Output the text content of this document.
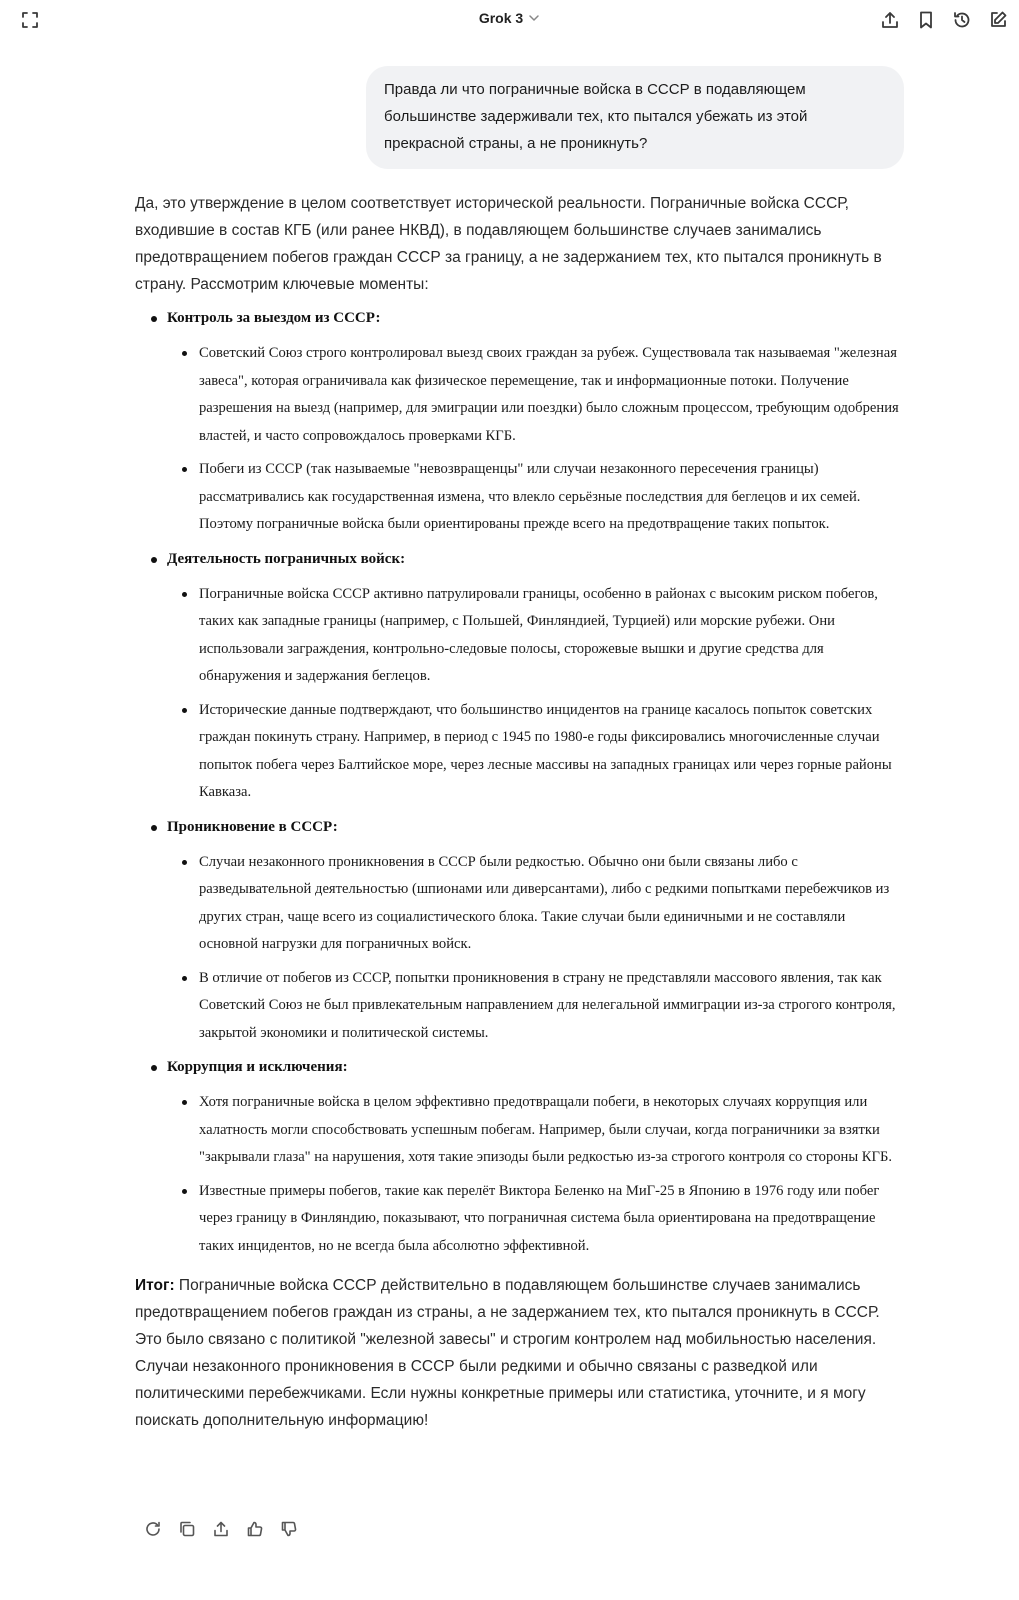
Grok 3
Правда ли что пограничные войска в СССР в подавляющем большинстве задерживали тех, кто пытался убежать из этой прекрасной страны, а не проникнуть?

Да, это утверждение в целом соответствует исторической реальности. Пограничные войска СССР, входившие в состав КГБ (или ранее НКВД), в подавляющем большинстве случаев занимались предотвращением побегов граждан СССР за границу, а не задержанием тех, кто пытался проникнуть в страну. Рассмотрим ключевые моменты:

Контроль за выездом из СССР:
Советский Союз строго контролировал выезд своих граждан за рубеж. Существовала так называемая "железная завеса", которая ограничивала как физическое перемещение, так и информационные потоки. Получение разрешения на выезд (например, для эмиграции или поездки) было сложным процессом, требующим одобрения властей, и часто сопровождалось проверками КГБ.
Побеги из СССР (так называемые "невозвращенцы" или случаи незаконного пересечения границы) рассматривались как государственная измена, что влекло серьёзные последствия для беглецов и их семей. Поэтому пограничные войска были ориентированы прежде всего на предотвращение таких попыток.
Деятельность пограничных войск:
Пограничные войска СССР активно патрулировали границы, особенно в районах с высоким риском побегов, таких как западные границы (например, с Польшей, Финляндией, Турцией) или морские рубежи. Они использовали заграждения, контрольно-следовые полосы, сторожевые вышки и другие средства для обнаружения и задержания беглецов.
Исторические данные подтверждают, что большинство инцидентов на границе касалось попыток советских граждан покинуть страну. Например, в период с 1945 по 1980-е годы фиксировались многочисленные случаи попыток побега через Балтийское море, через лесные массивы на западных границах или через горные районы Кавказа.
Проникновение в СССР:
Случаи незаконного проникновения в СССР были редкостью. Обычно они были связаны либо с разведывательной деятельностью (шпионами или диверсантами), либо с редкими попытками перебежчиков из других стран, чаще всего из социалистического блока. Такие случаи были единичными и не составляли основной нагрузки для пограничных войск.
В отличие от побегов из СССР, попытки проникновения в страну не представляли массового явления, так как Советский Союз не был привлекательным направлением для нелегальной иммиграции из-за строгого контроля, закрытой экономики и политической системы.
Коррупция и исключения:
Хотя пограничные войска в целом эффективно предотвращали побеги, в некоторых случаях коррупция или халатность могли способствовать успешным побегам. Например, были случаи, когда пограничники за взятки "закрывали глаза" на нарушения, хотя такие эпизоды были редкостью из-за строгого контроля со стороны КГБ.
Известные примеры побегов, такие как перелёт Виктора Беленко на МиГ-25 в Японию в 1976 году или побег через границу в Финляндию, показывают, что пограничная система была ориентирована на предотвращение таких инцидентов, но не всегда была абсолютно эффективной.

Итог: Пограничные войска СССР действительно в подавляющем большинстве случаев занимались предотвращением побегов граждан из страны, а не задержанием тех, кто пытался проникнуть в СССР. Это было связано с политикой "железной завесы" и строгим контролем над мобильностью населения. Случаи незаконного проникновения в СССР были редкими и обычно связаны с разведкой или политическими перебежчиками. Если нужны конкретные примеры или статистика, уточните, и я могу поискать дополнительную информацию!
